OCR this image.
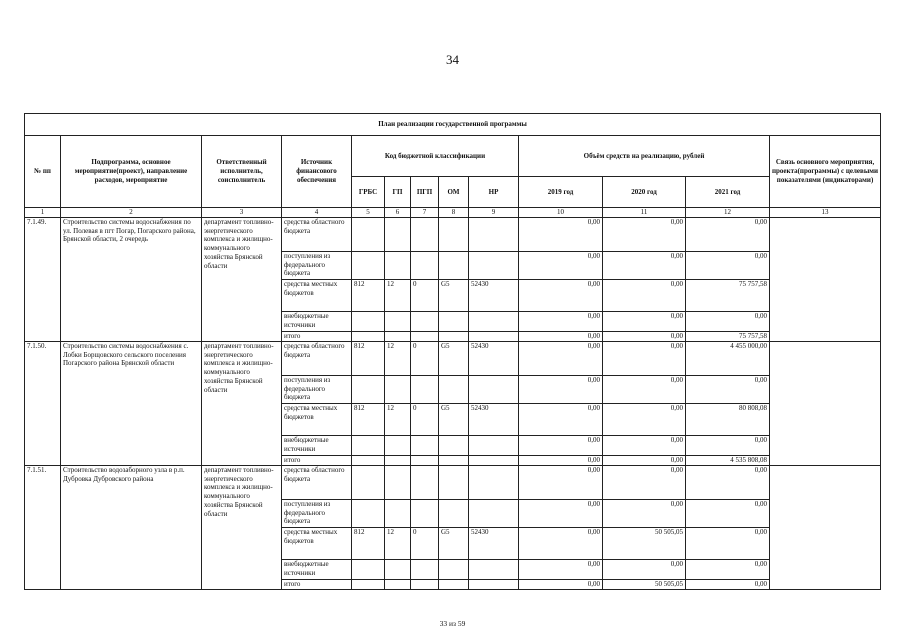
34
План реализации государственной программы												
№ пп	Подпрограмма, основное мероприятие(проект), направление расходов, мероприятие	Ответственный исполнитель, соисполнитель	Источник финансового обеспечения	Код бюджетной классификации					Объём средств на реализацию, рублей			Связь основного мероприятия, проекта(программы) с целевыми показателями (индикаторами)
				ГРБС	ГП	ПГП	ОМ	НР	2019 год	2020 год	2021 год	
1	2	3	4	5	6	7	8	9	10	11	12	13
7.1.49.	Строительство системы водоснабжения по ул. Полевая в пгт Погар, Погарского района, Брянской области, 2 очередь	департамент топливно-энергетического комплекса и жилищно-коммунального хозяйства Брянской области	средства областного бюджета						0,00	0,00	0,00	
			поступления из федерального бюджета						0,00	0,00	0,00	
			средства местных бюджетов	812	12	0	G5	52430	0,00	0,00	75 757,58	
			внебюджетные источники						0,00	0,00	0,00	
			итого						0,00	0,00	75 757,58	
7.1.50.	Строительство системы водоснабжения с. Лобки Борщовского сельского поселения Погарского района Брянской области	департамент топливно-энергетического комплекса и жилищно-коммунального хозяйства Брянской области	средства областного бюджета	812	12	0	G5	52430	0,00	0,00	4 455 000,00	
			поступления из федерального бюджета						0,00	0,00	0,00	
			средства местных бюджетов	812	12	0	G5	52430	0,00	0,00	80 808,08	
			внебюджетные источники						0,00	0,00	0,00	
			итого						0,00	0,00	4 535 808,08	
7.1.51.	Строительство водозаборного узла в р.п. Дубровка Дубровского района	департамент топливно-энергетического комплекса и жилищно-коммунального хозяйства Брянской области	средства областного бюджета						0,00	0,00	0,00	
			поступления из федерального бюджета						0,00	0,00	0,00	
			средства местных бюджетов	812	12	0	G5	52430	0,00	50 505,05	0,00	
			внебюджетные источники						0,00	0,00	0,00	
			итого						0,00	50 505,05	0,00	
33 из 59
